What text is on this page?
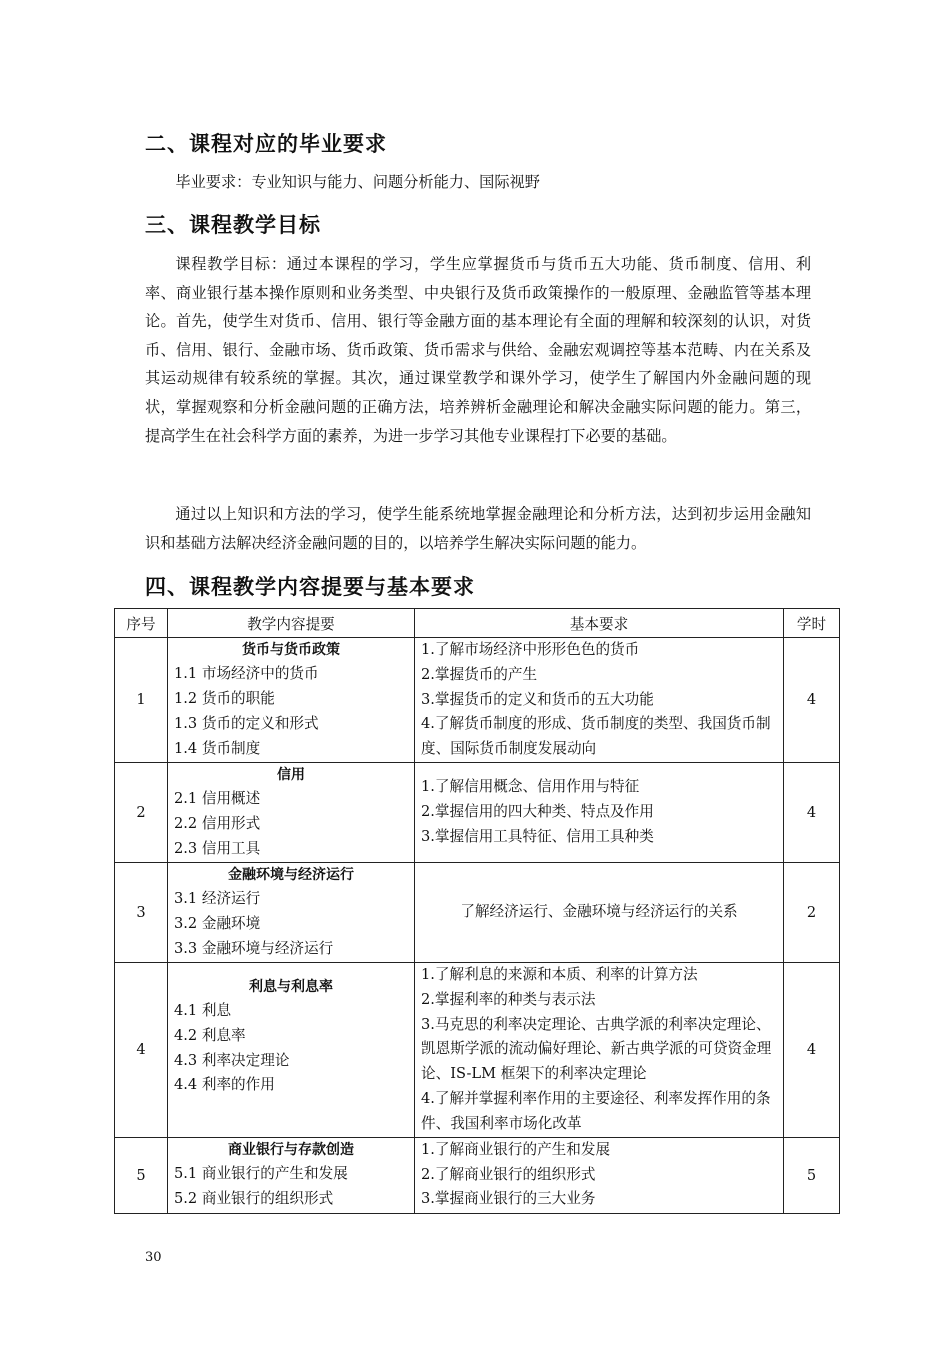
二、课程对应的毕业要求

毕业要求：专业知识与能力、问题分析能力、国际视野

三、课程教学目标

课程教学目标：通过本课程的学习，学生应掌握货币与货币五大功能、货币制度、信用、利率、商业银行基本操作原则和业务类型、中央银行及货币政策操作的一般原理、金融监管等基本理论。首先，使学生对货币、信用、银行等金融方面的基本理论有全面的理解和较深刻的认识，对货币、信用、银行、金融市场、货币政策、货币需求与供给、金融宏观调控等基本范畴、内在关系及其运动规律有较系统的掌握。其次，通过课堂教学和课外学习，使学生了解国内外金融问题的现状，掌握观察和分析金融问题的正确方法，培养辨析金融理论和解决金融实际问题的能力。第三，提高学生在社会科学方面的素养，为进一步学习其他专业课程打下必要的基础。

通过以上知识和方法的学习，使学生能系统地掌握金融理论和分析方法，达到初步运用金融知识和基础方法解决经济金融问题的目的，以培养学生解决实际问题的能力。

四、课程教学内容提要与基本要求
序号	教学内容提要	基本要求	学时
1	货币与货币政策
1.1 市场经济中的货币
1.2 货币的职能
1.3 货币的定义和形式
1.4 货币制度	1.了解市场经济中形形色色的货币
2.掌握货币的产生
3.掌握货币的定义和货币的五大功能
4.了解货币制度的形成、货币制度的类型、我国货币制度、国际货币制度发展动向	4
2	信用
2.1 信用概述
2.2 信用形式
2.3 信用工具	1.了解信用概念、信用作用与特征
2.掌握信用的四大种类、特点及作用
3.掌握信用工具特征、信用工具种类	4
3	金融环境与经济运行
3.1 经济运行
3.2 金融环境
3.3 金融环境与经济运行	了解经济运行、金融环境与经济运行的关系	2
4	利息与利息率
4.1 利息
4.2 利息率
4.3 利率决定理论
4.4 利率的作用	1.了解利息的来源和本质、利率的计算方法
2.掌握利率的种类与表示法
3.马克思的利率决定理论、古典学派的利率决定理论、凯恩斯学派的流动偏好理论、新古典学派的可贷资金理论、IS-LM 框架下的利率决定理论
4.了解并掌握利率作用的主要途径、利率发挥作用的条件、我国利率市场化改革	4
5	商业银行与存款创造
5.1 商业银行的产生和发展
5.2 商业银行的组织形式	1.了解商业银行的产生和发展
2.了解商业银行的组织形式
3.掌握商业银行的三大业务	5
30
